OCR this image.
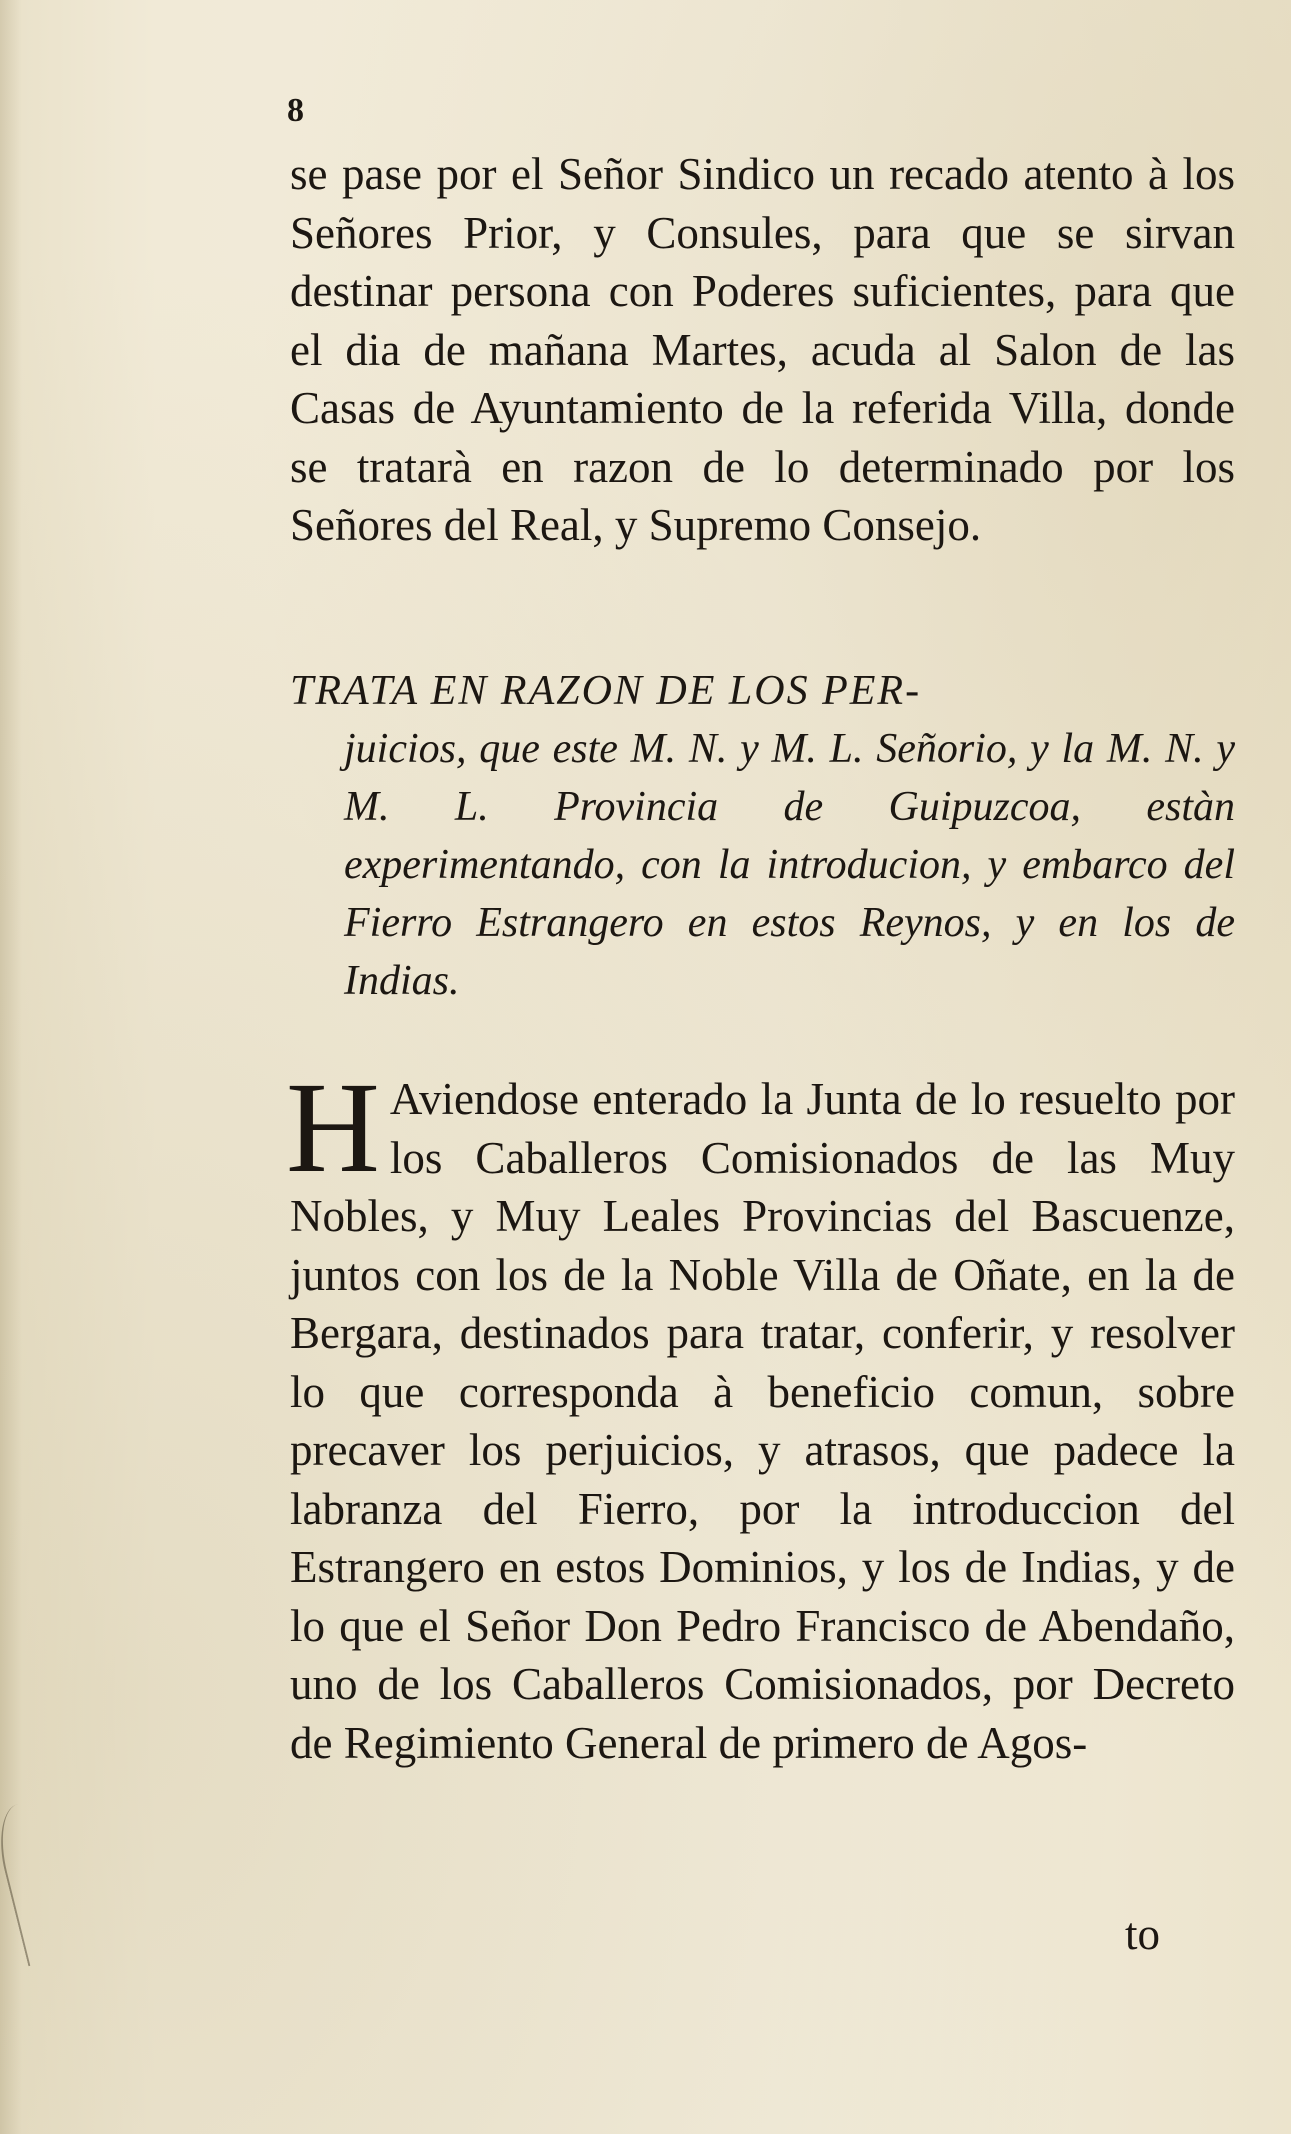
8
se pase por el Señor Sindico un recado atento à los Señores Prior, y Consules, para que se sirvan destinar persona con Poderes suficientes, para que el dia de mañana Martes, acuda al Salon de las Casas de Ayuntamiento de la referida Villa, donde se tratarà en razon de lo determinado por los Señores del Real, y Supremo Consejo.
TRATA EN RAZON DE LOS PER-
juicios, que este M. N. y M. L. Señorio, y la M. N. y M. L. Provincia de Guipuzcoa, estàn experimentando, con la introducion, y embarco del Fierro Estrangero en estos Reynos, y en los de Indias.
H Aviendose enterado la Junta de lo resuelto por los Caballeros Comisionados de las Muy Nobles, y Muy Leales Provincias del Bascuenze, juntos con los de la Noble Villa de Oñate, en la de Bergara, destinados para tratar, conferir, y resolver lo que corresponda à beneficio comun, sobre precaver los perjuicios, y atrasos, que padece la labranza del Fierro, por la introduccion del Estrangero en estos Dominios, y los de Indias, y de lo que el Señor Don Pedro Francisco de Abendaño, uno de los Caballeros Comisionados, por Decreto de Regimiento General de primero de Agos-
to
